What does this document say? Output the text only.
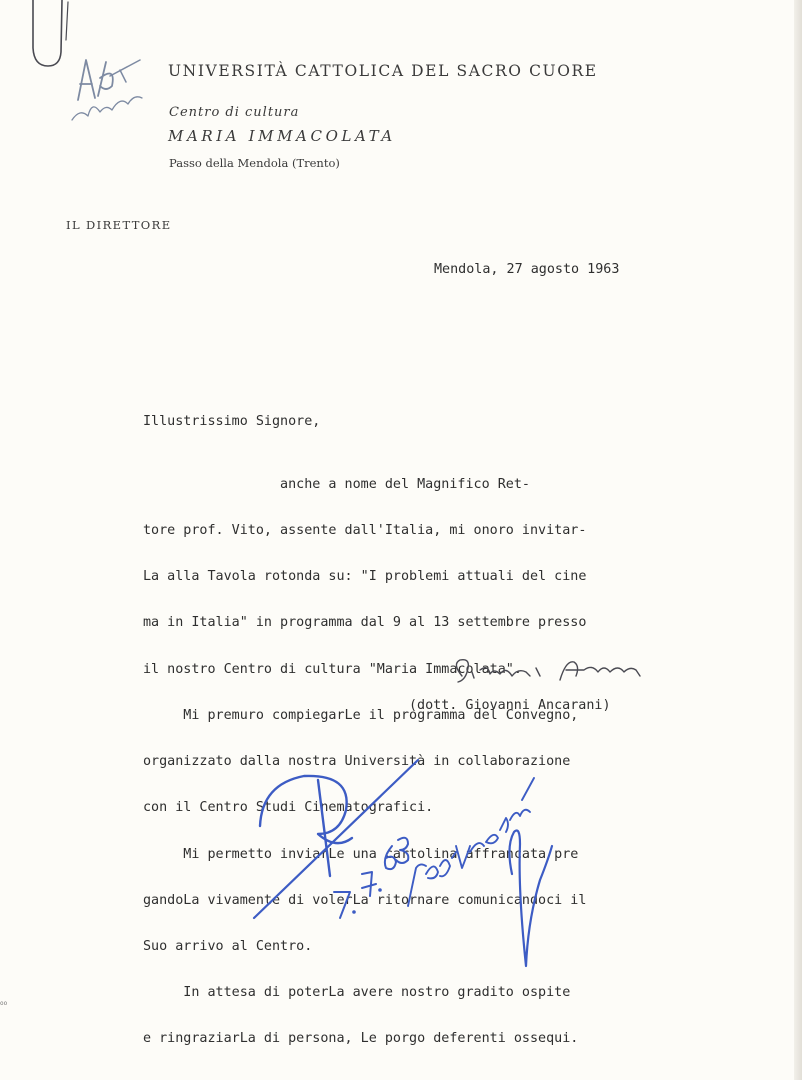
oo
UNIVERSITÀ CATTOLICA DEL SACRO CUORE
Centro di cultura
MARIA IMMACOLATA
Passo della Mendola (Trento)
IL DIRETTORE
Mendola, 27 agosto 1963
Illustrissimo Signore,

anche a nome del Magnifico Ret-

tore prof. Vito, assente dall'Italia, mi onoro invitar-

La alla Tavola rotonda su: "I problemi attuali del cine

ma in Italia" in programma dal 9 al 13 settembre presso

il nostro Centro di cultura "Maria Immacolata".

Mi premuro compiegarLe il programma del Convegno,

organizzato dalla nostra Università in collaborazione

con il Centro Studi Cinematografici.

Mi permetto inviarLe una cartolina affrancata pre

gandoLa vivamente di volerLa ritornare comunicandoci il

Suo arrivo al Centro.

In attesa di poterLa avere nostro gradito ospite

e ringraziarLa di persona, Le porgo deferenti ossequi.

(dott. Giovanni Ancarani)
